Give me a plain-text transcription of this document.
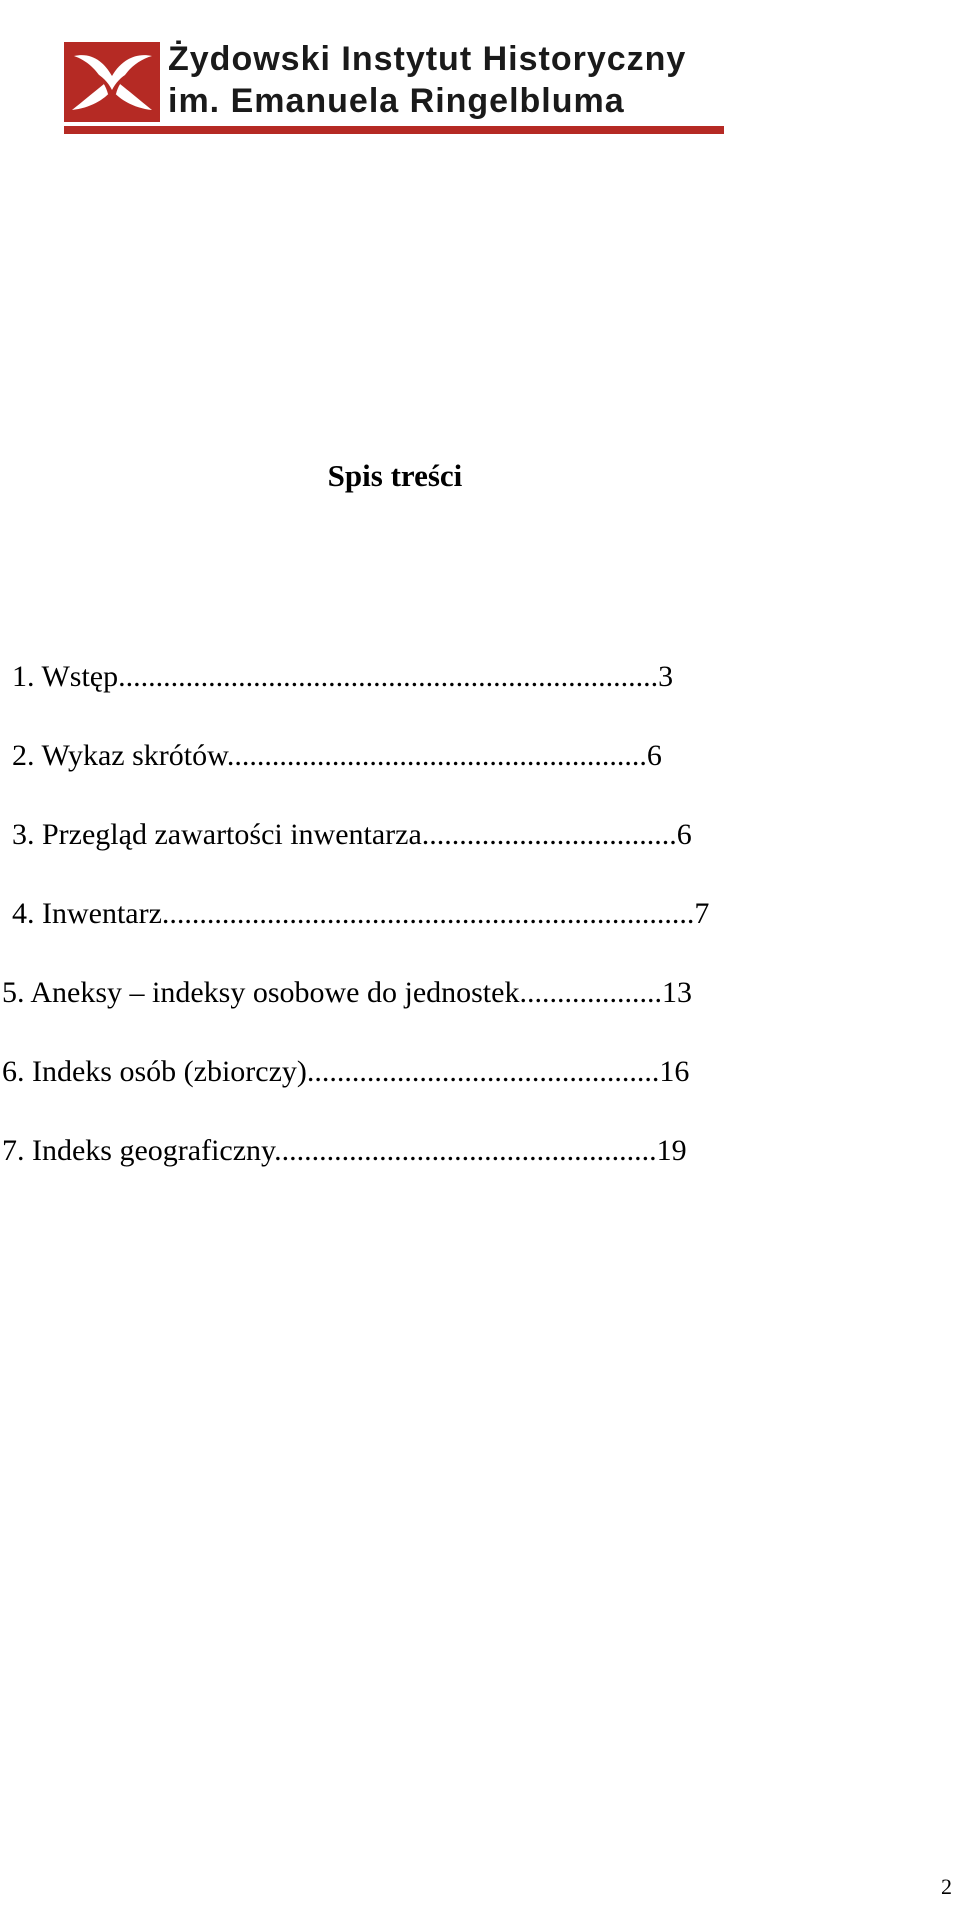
Żydowski Instytut Historyczny
im. Emanuela Ringelbluma
Spis treści
1. Wstęp........................................................................3
2. Wykaz skrótów........................................................6
3. Przegląd zawartości inwentarza..................................6
4. Inwentarz.......................................................................7
5. Aneksy – indeksy osobowe do jednostek...................13
6. Indeks osób (zbiorczy)...............................................16
7. Indeks geograficzny...................................................19
2
